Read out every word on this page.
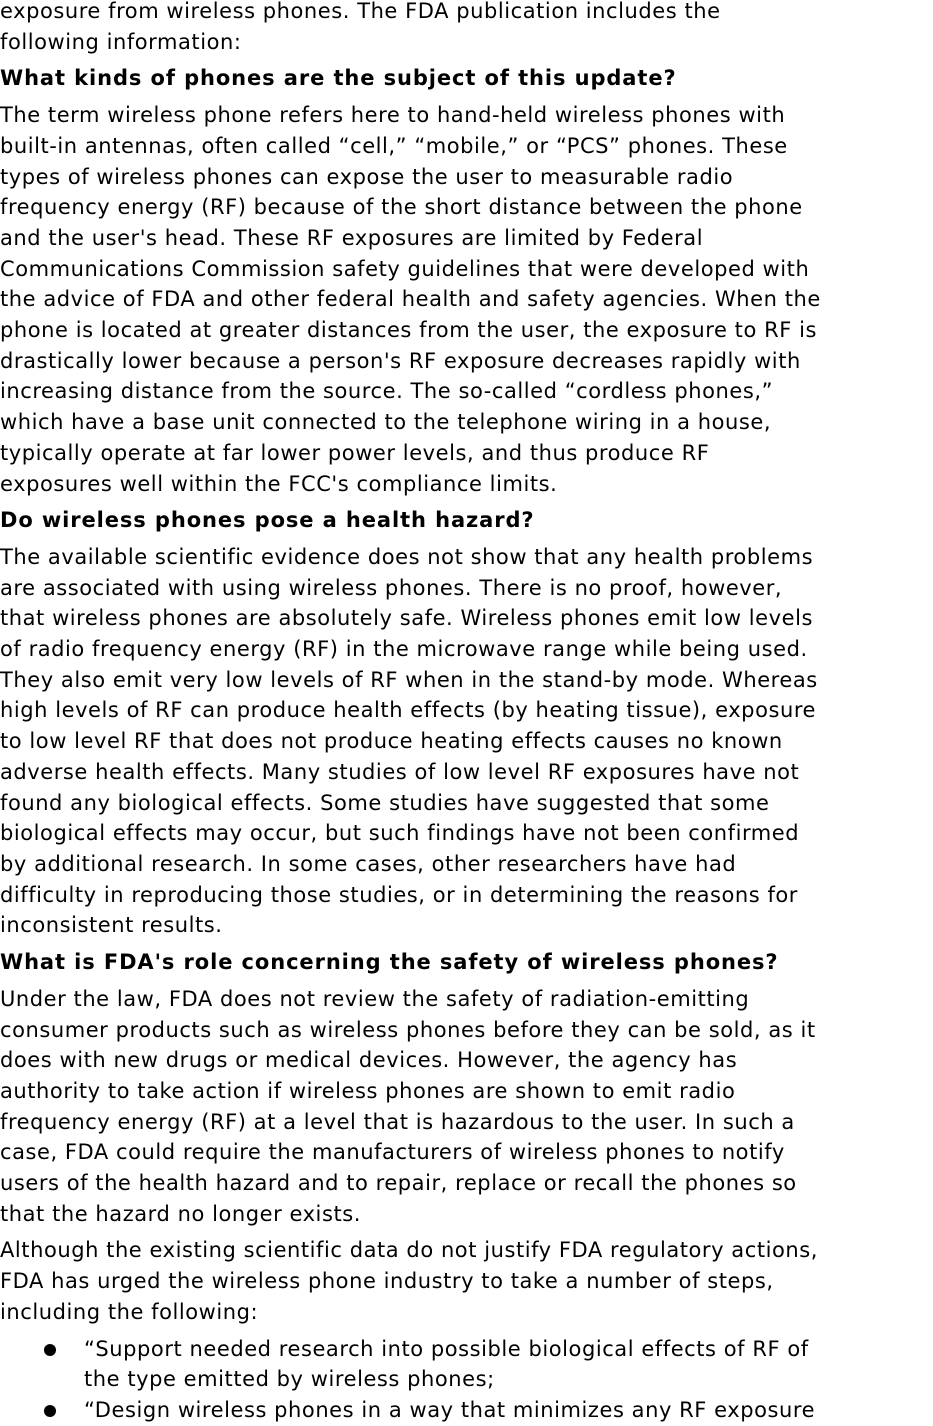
exposure from wireless phones. The FDA publication includes the
following information:
What kinds of phones are the subject of this update?
The term wireless phone refers here to hand-held wireless phones with
built-in antennas, often called “cell,” “mobile,” or “PCS” phones. These
types of wireless phones can expose the user to measurable radio
frequency energy (RF) because of the short distance between the phone
and the user's head. These RF exposures are limited by Federal
Communications Commission safety guidelines that were developed with
the advice of FDA and other federal health and safety agencies. When the
phone is located at greater distances from the user, the exposure to RF is
drastically lower because a person's RF exposure decreases rapidly with
increasing distance from the source. The so-called “cordless phones,”
which have a base unit connected to the telephone wiring in a house,
typically operate at far lower power levels, and thus produce RF
exposures well within the FCC's compliance limits.
Do wireless phones pose a health hazard?
The available scientific evidence does not show that any health problems
are associated with using wireless phones. There is no proof, however,
that wireless phones are absolutely safe. Wireless phones emit low levels
of radio frequency energy (RF) in the microwave range while being used.
They also emit very low levels of RF when in the stand-by mode. Whereas
high levels of RF can produce health effects (by heating tissue), exposure
to low level RF that does not produce heating effects causes no known
adverse health effects. Many studies of low level RF exposures have not
found any biological effects. Some studies have suggested that some
biological effects may occur, but such findings have not been confirmed
by additional research. In some cases, other researchers have had
difficulty in reproducing those studies, or in determining the reasons for
inconsistent results.
What is FDA's role concerning the safety of wireless phones?
Under the law, FDA does not review the safety of radiation-emitting
consumer products such as wireless phones before they can be sold, as it
does with new drugs or medical devices. However, the agency has
authority to take action if wireless phones are shown to emit radio
frequency energy (RF) at a level that is hazardous to the user. In such a
case, FDA could require the manufacturers of wireless phones to notify
users of the health hazard and to repair, replace or recall the phones so
that the hazard no longer exists.
Although the existing scientific data do not justify FDA regulatory actions,
FDA has urged the wireless phone industry to take a number of steps,
including the following:
“Support needed research into possible biological effects of RF of
the type emitted by wireless phones;
“Design wireless phones in a way that minimizes any RF exposure
